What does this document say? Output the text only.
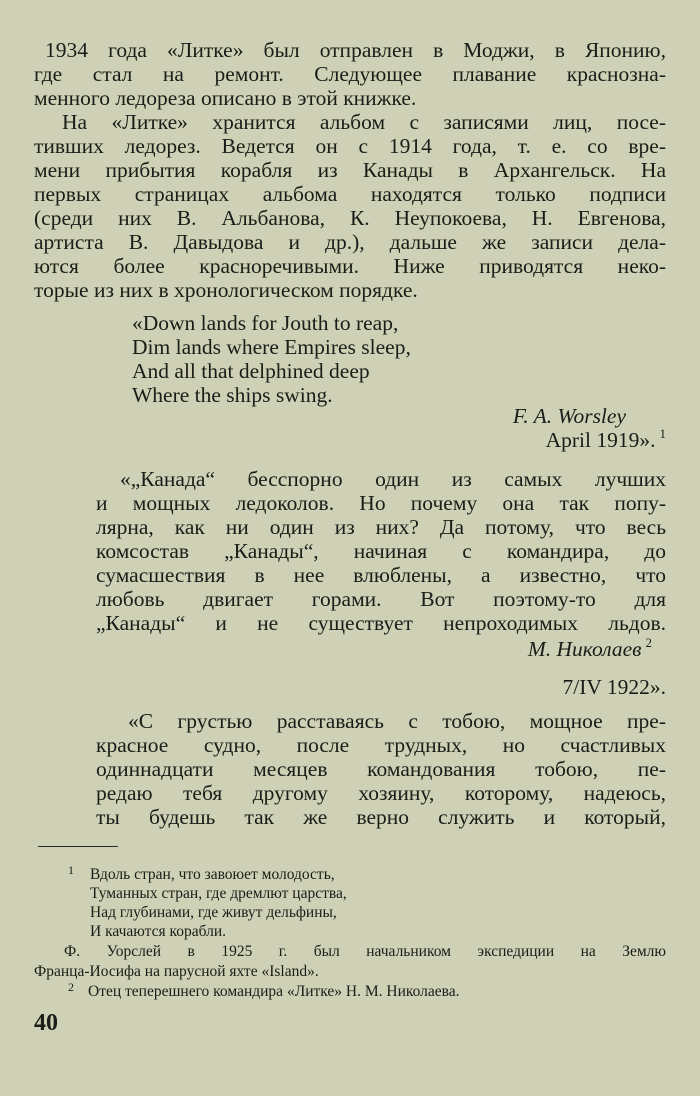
1934 года «Литке» был отправлен в Моджи, в Японию,
где стал на ремонт. Следующее плавание краснозна-
менного ледореза описано в этой книжке.
На «Литке» хранится альбом с записями лиц, посе-
тивших ледорез. Ведется он с 1914 года, т. е. со вре-
мени прибытия корабля из Канады в Архангельск. На
первых страницах альбома находятся только подписи
(среди них В. Альбанова, К. Неупокоева, Н. Евгенова,
артиста В. Давыдова и др.), дальше же записи дела-
ются более красноречивыми. Ниже приводятся неко-
торые из них в хронологическом порядке.
«Down lands for Jouth to reap,
Dim lands where Empires sleep,
And all that delphined deep
Where the ships swing.
F. A. Worsley
April 1919». $^1$
«„Канада“ бесспорно один из самых лучших
и мощных ледоколов. Но почему она так попу-
лярна, как ни один из них? Да потому, что весь
комсостав „Канады“, начиная с командира, до
сумасшествия в нее влюблены, а известно, что
любовь двигает горами. Вот поэтому-то для
„Канады“ и не существует непроходимых льдов.
М. Николаев $^2$
7/IV 1922».
«С грустью расставаясь с тобою, мощное пре-
красное судно, после трудных, но счастливых
одиннадцати месяцев командования тобою, пе-
редаю тебя другому хозяину, которому, надеюсь,
ты будешь так же верно служить и который,
1 Вдоль стран, что завоюет молодость,
Туманных стран, где дремлют царства,
Над глубинами, где живут дельфины,
И качаются корабли.
Ф. Уорслей в 1925 г. был начальником экспедиции на Землю
Франца-Иосифа на парусной яхте «Island».
2 Отец теперешнего командира «Литке» Н. М. Николаева.
40
